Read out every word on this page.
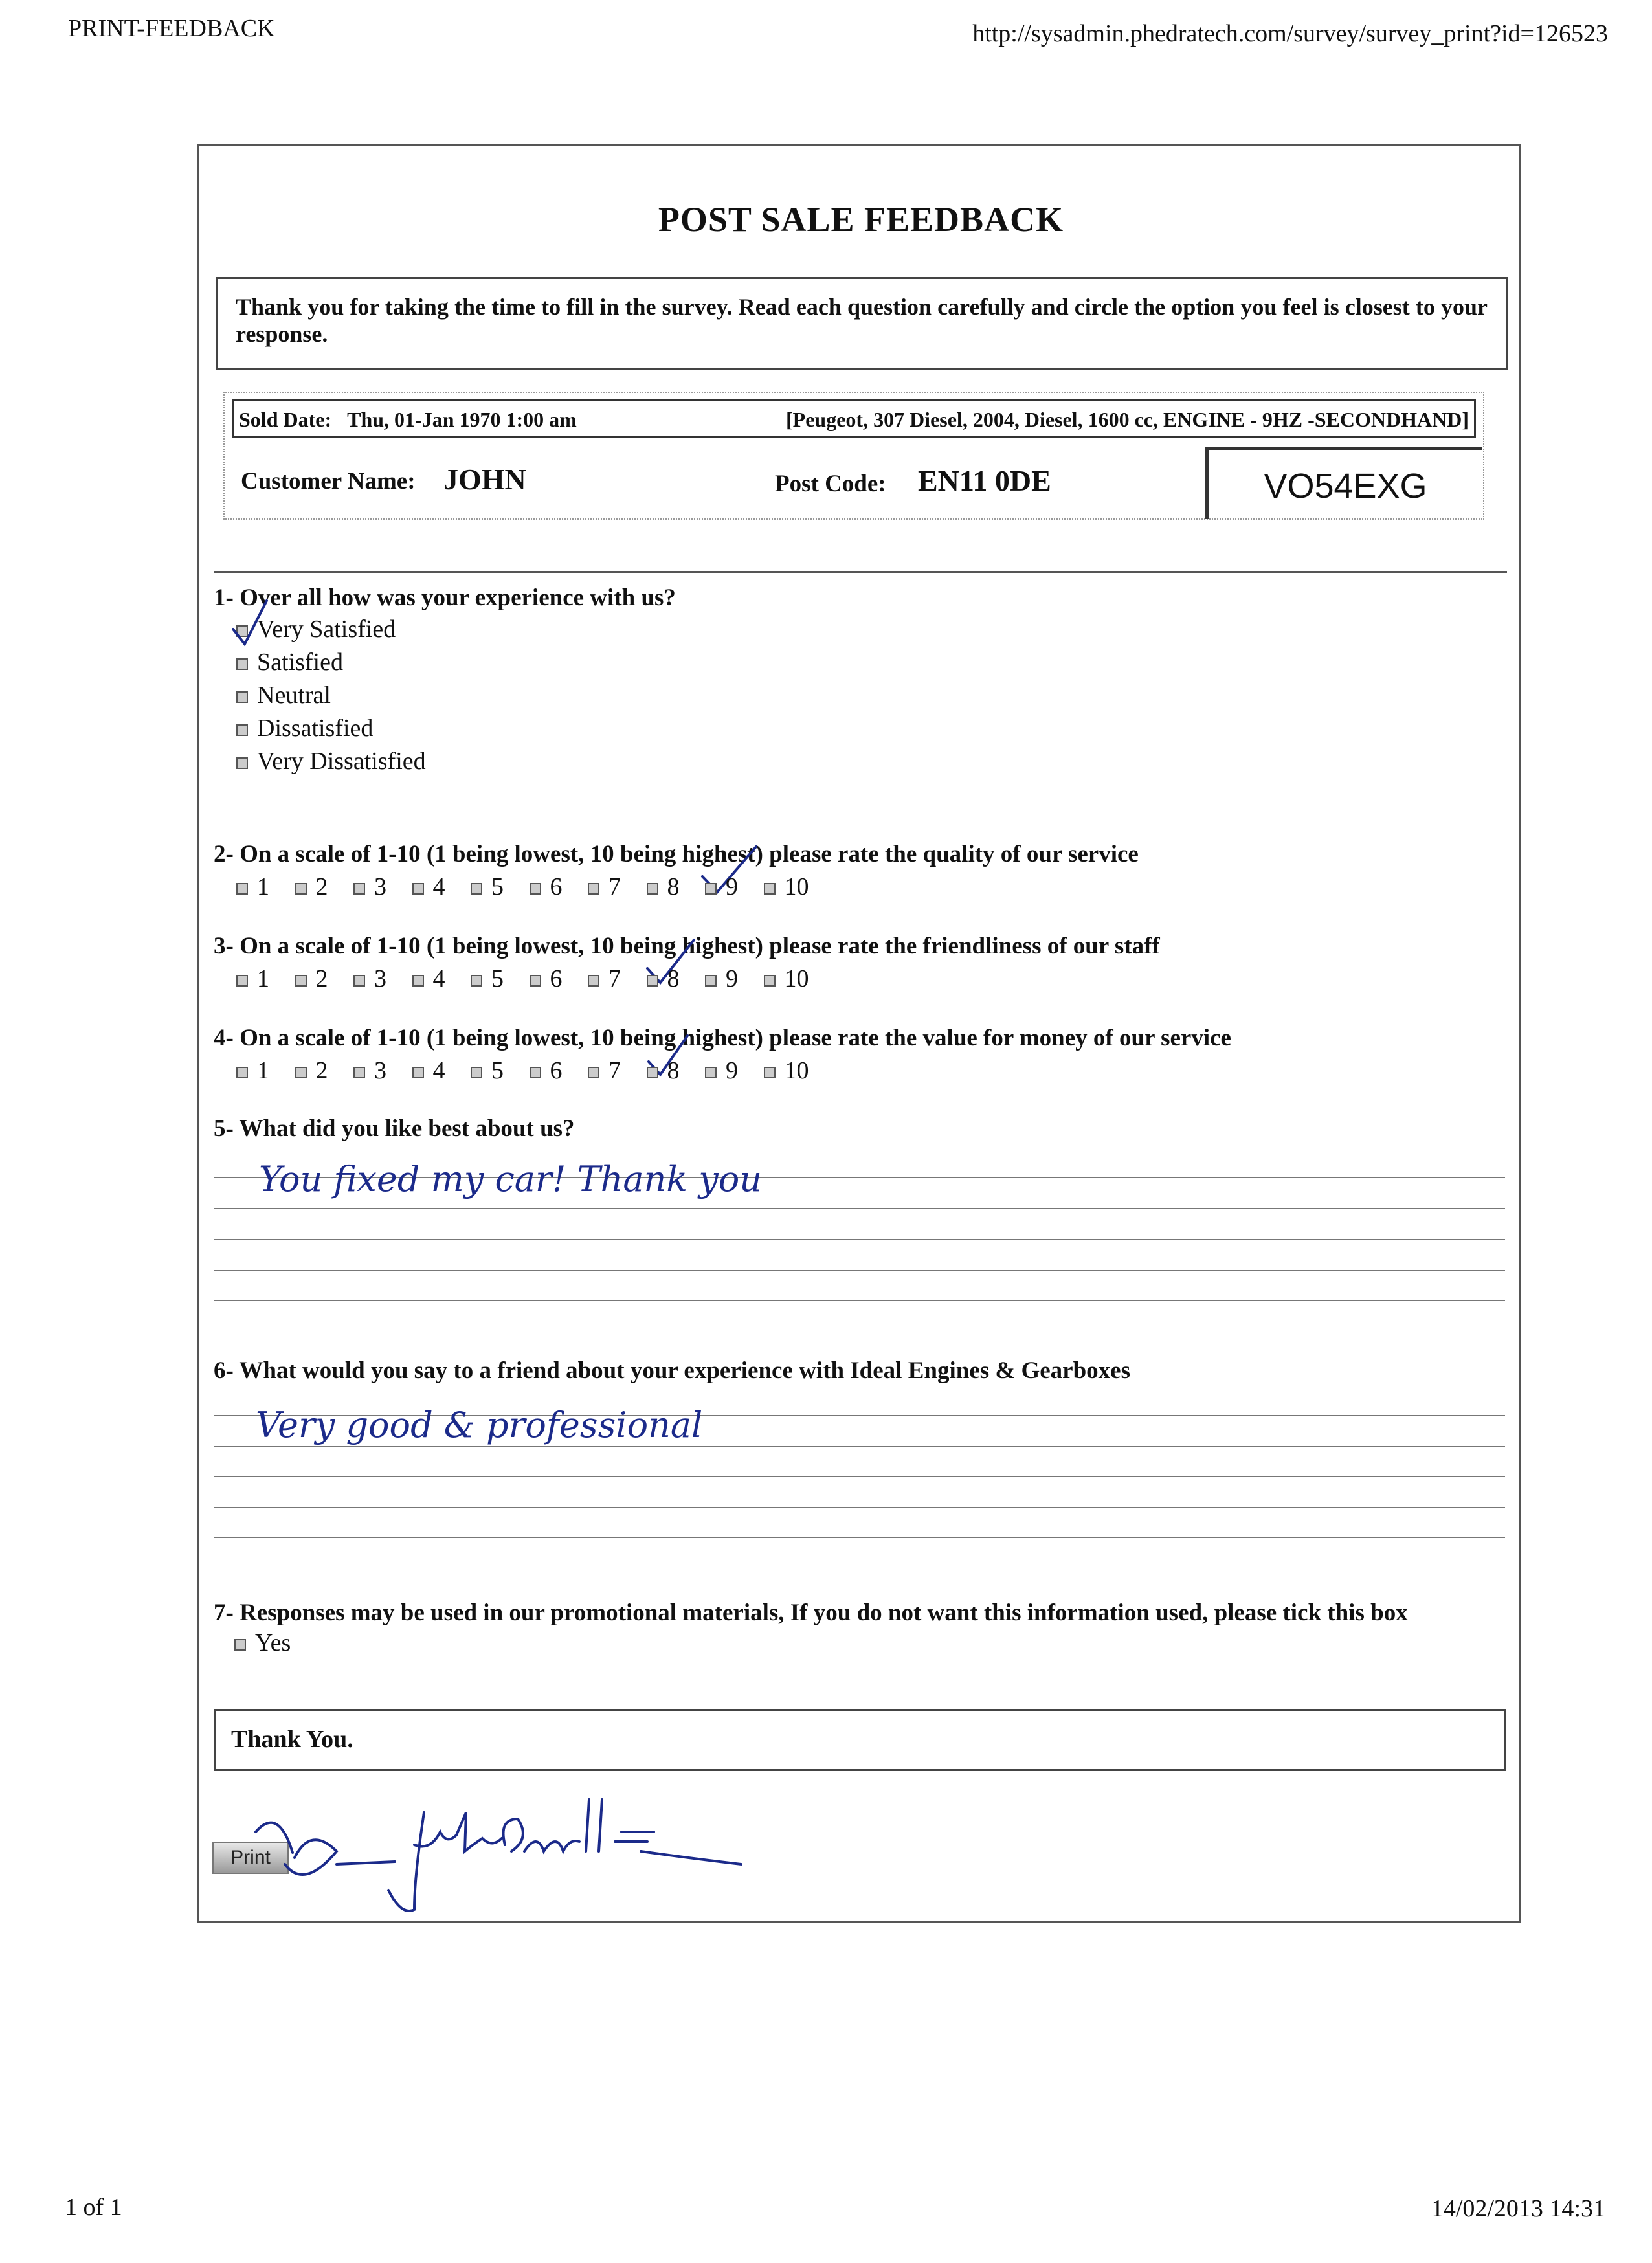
PRINT-FEEDBACK	http://sysadmin.phedratech.com/survey/survey_print?id=126523
POST SALE FEEDBACK
Thank you for taking the time to fill in the survey. Read each question carefully and circle the option you feel is closest to your response.
Sold Date: Thu, 01-Jan 1970 1:00 am	[Peugeot, 307 Diesel, 2004, Diesel, 1600 cc, ENGINE - 9HZ -SECONDHAND]
Customer Name: JOHN	Post Code: EN11 0DE	VO54EXG
1- Over all how was your experience with us?
Very Satisfied
Satisfied
Neutral
Dissatisfied
Very Dissatisfied
2- On a scale of 1-10 (1 being lowest, 10 being highest) please rate the quality of our service
3- On a scale of 1-10 (1 being lowest, 10 being highest) please rate the friendliness of our staff
4- On a scale of 1-10 (1 being lowest, 10 being highest) please rate the value for money of our service
5- What did you like best about us?
You fixed my car! Thank you
6- What would you say to a friend about your experience with Ideal Engines & Gearboxes
Very good & professional
7- Responses may be used in our promotional materials, If you do not want this information used, please tick this box
Yes
Thank You.
Print
1 of 1	14/02/2013 14:31
1	2	3	4	5	6	7	8	9	10
1	2	3	4	5	6	7	8	9	10
1	2	3	4	5	6	7	8	9	10
